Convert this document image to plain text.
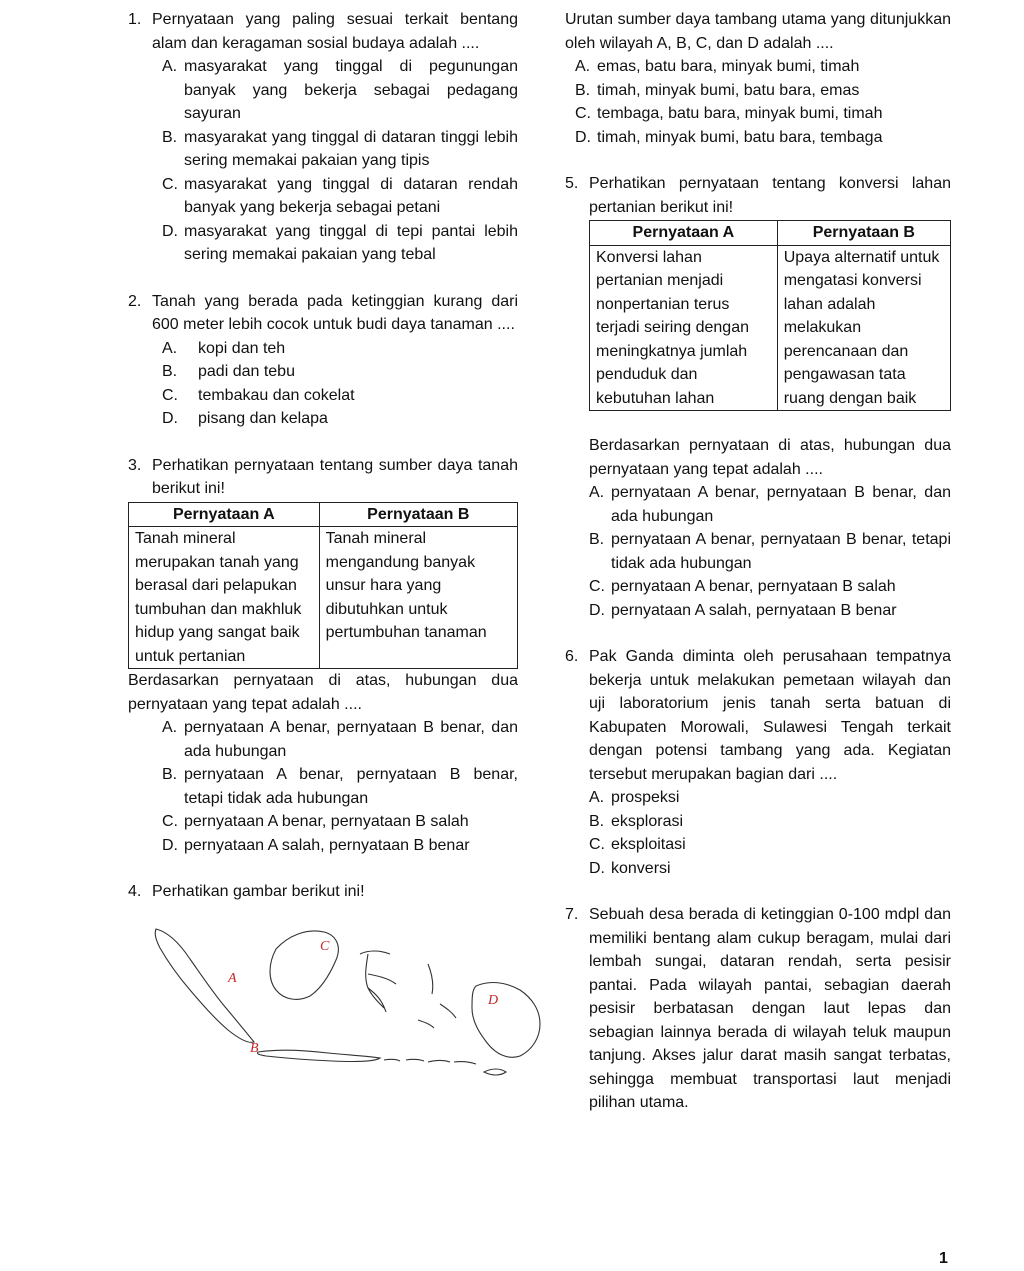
1. Pernyataan yang paling sesuai terkait bentang alam dan keragaman sosial budaya adalah ....
A. masyarakat yang tinggal di pegunungan banyak yang bekerja sebagai pedagang sayuran
B. masyarakat yang tinggal di dataran tinggi lebih sering memakai pakaian yang tipis
C. masyarakat yang tinggal di dataran rendah banyak yang bekerja sebagai petani
D. masyarakat yang tinggal di tepi pantai lebih sering memakai pakaian yang tebal
2. Tanah yang berada pada ketinggian kurang dari 600 meter lebih cocok untuk budi daya tanaman ....
A. kopi dan teh
B. padi dan tebu
C. tembakau dan cokelat
D. pisang dan kelapa
3. Perhatikan pernyataan tentang sumber daya tanah berikut ini!
Pernyataan A	Pernyataan B
Tanah mineral merupakan tanah yang berasal dari pelapukan tumbuhan dan makhluk hidup yang sangat baik untuk pertanian	Tanah mineral mengandung banyak unsur hara yang dibutuhkan untuk pertumbuhan tanaman
Berdasarkan pernyataan di atas, hubungan dua pernyataan yang tepat adalah ....
A. pernyataan A benar, pernyataan B benar, dan ada hubungan
B. pernyataan A benar, pernyataan B benar, tetapi tidak ada hubungan
C. pernyataan A benar, pernyataan B salah
D. pernyataan A salah, pernyataan B benar
4. Perhatikan gambar berikut ini!
A
B
C
D
Urutan sumber daya tambang utama yang ditunjukkan oleh wilayah A, B, C, dan D adalah ....
A. emas, batu bara, minyak bumi, timah
B. timah, minyak bumi, batu bara, emas
C. tembaga, batu bara, minyak bumi, timah
D. timah, minyak bumi, batu bara, tembaga
5. Perhatikan pernyataan tentang konversi lahan pertanian berikut ini!
Pernyataan A	Pernyataan B
Konversi lahan pertanian menjadi nonpertanian terus terjadi seiring dengan meningkatnya jumlah penduduk dan kebutuhan lahan	Upaya alternatif untuk mengatasi konversi lahan adalah melakukan perencanaan dan pengawasan tata ruang dengan baik
Berdasarkan pernyataan di atas, hubungan dua pernyataan yang tepat adalah ....
A. pernyataan A benar, pernyataan B benar, dan ada hubungan
B. pernyataan A benar, pernyataan B benar, tetapi tidak ada hubungan
C. pernyataan A benar, pernyataan B salah
D. pernyataan A salah, pernyataan B benar
6. Pak Ganda diminta oleh perusahaan tempatnya bekerja untuk melakukan pemetaan wilayah dan uji laboratorium jenis tanah serta batuan di Kabupaten Morowali, Sulawesi Tengah terkait dengan potensi tambang yang ada. Kegiatan tersebut merupakan bagian dari ....
A. prospeksi
B. eksplorasi
C. eksploitasi
D. konversi
7. Sebuah desa berada di ketinggian 0-100 mdpl dan memiliki bentang alam cukup beragam, mulai dari lembah sungai, dataran rendah, serta pesisir pantai. Pada wilayah pantai, sebagian daerah pesisir berbatasan dengan laut lepas dan sebagian lainnya berada di wilayah teluk maupun tanjung. Akses jalur darat masih sangat terbatas, sehingga membuat transportasi laut menjadi pilihan utama.
1
